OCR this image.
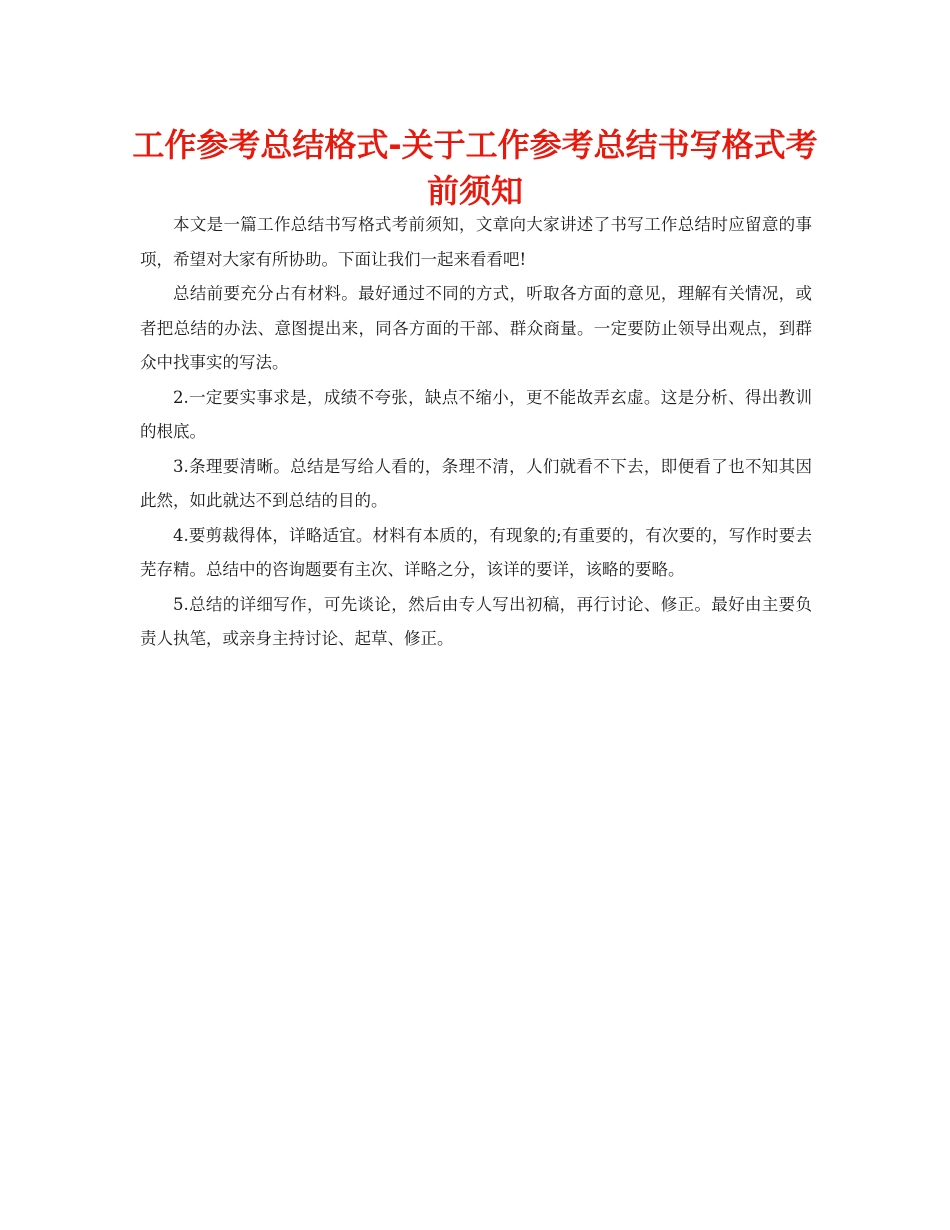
工作参考总结格式-关于工作参考总结书写格式考前须知

本文是一篇工作总结书写格式考前须知，文章向大家讲述了书写工作总结时应留意的事项，希望对大家有所协助。下面让我们一起来看看吧!

总结前要充分占有材料。最好通过不同的方式，听取各方面的意见，理解有关情况，或者把总结的办法、意图提出来，同各方面的干部、群众商量。一定要防止领导出观点，到群众中找事实的写法。

2.一定要实事求是，成绩不夸张，缺点不缩小，更不能故弄玄虚。这是分析、得出教训的根底。

3.条理要清晰。总结是写给人看的，条理不清，人们就看不下去，即便看了也不知其因此然，如此就达不到总结的目的。

4.要剪裁得体，详略适宜。材料有本质的，有现象的;有重要的，有次要的，写作时要去芜存精。总结中的咨询题要有主次、详略之分，该详的要详，该略的要略。

5.总结的详细写作，可先谈论，然后由专人写出初稿，再行讨论、修正。最好由主要负责人执笔，或亲身主持讨论、起草、修正。
